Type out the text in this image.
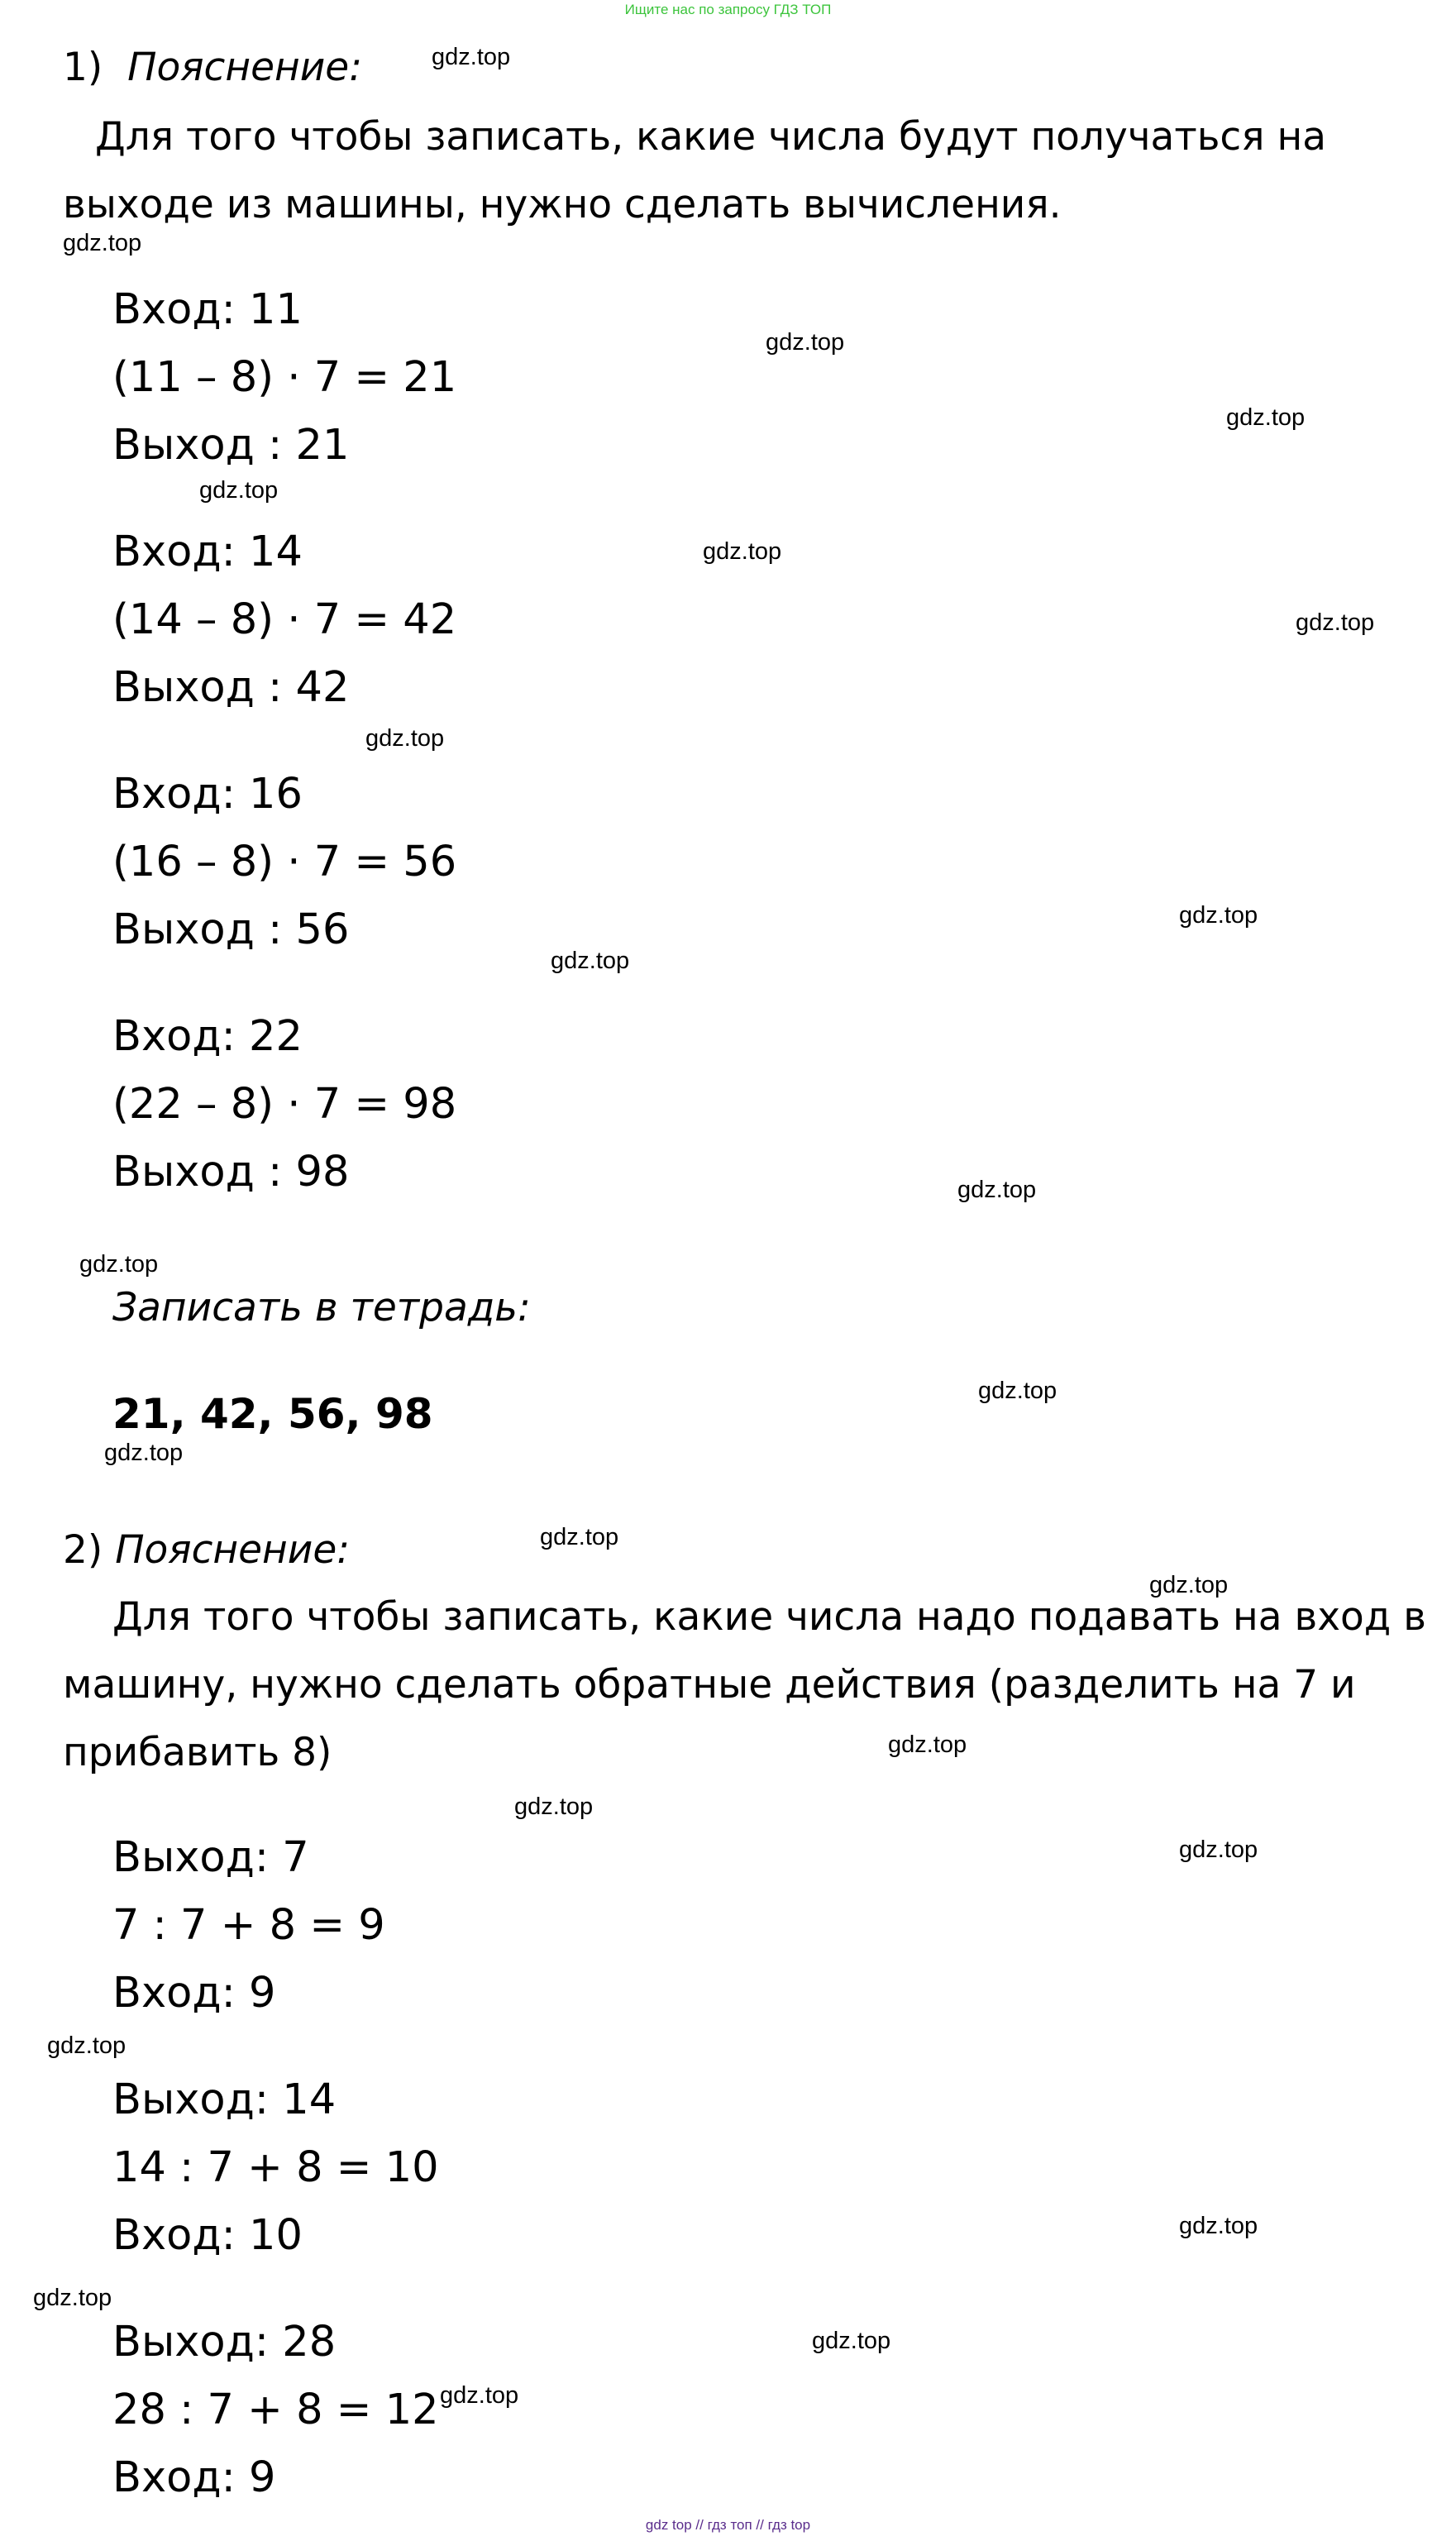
Ищите нас по запросу ГДЗ ТОП
1) Пояснение:
Для того чтобы записать, какие числа будут получаться на
выходе из машины, нужно сделать вычисления.
Вход: 11
(11 – 8) · 7 = 21
Выход : 21
Вход: 14
(14 – 8) · 7 = 42
Выход : 42
Вход: 16
(16 – 8) · 7 = 56
Выход : 56
Вход: 22
(22 – 8) · 7 = 98
Выход : 98
Записать в тетрадь:
21, 42, 56, 98
2) Пояснение:
Для того чтобы записать, какие числа надо подавать на вход в
машину, нужно сделать обратные действия (разделить на 7 и
прибавить 8)
Выход: 7
7 : 7 + 8 = 9
Вход: 9
Выход: 14
14 : 7 + 8 = 10
Вход: 10
Выход: 28
28 : 7 + 8 = 12
Вход: 9
gdz top // гдз топ // гдз top
gdz.top
gdz.top
gdz.top
gdz.top
gdz.top
gdz.top
gdz.top
gdz.top
gdz.top
gdz.top
gdz.top
gdz.top
gdz.top
gdz.top
gdz.top
gdz.top
gdz.top
gdz.top
gdz.top
gdz.top
gdz.top
gdz.top
gdz.top
gdz.top
